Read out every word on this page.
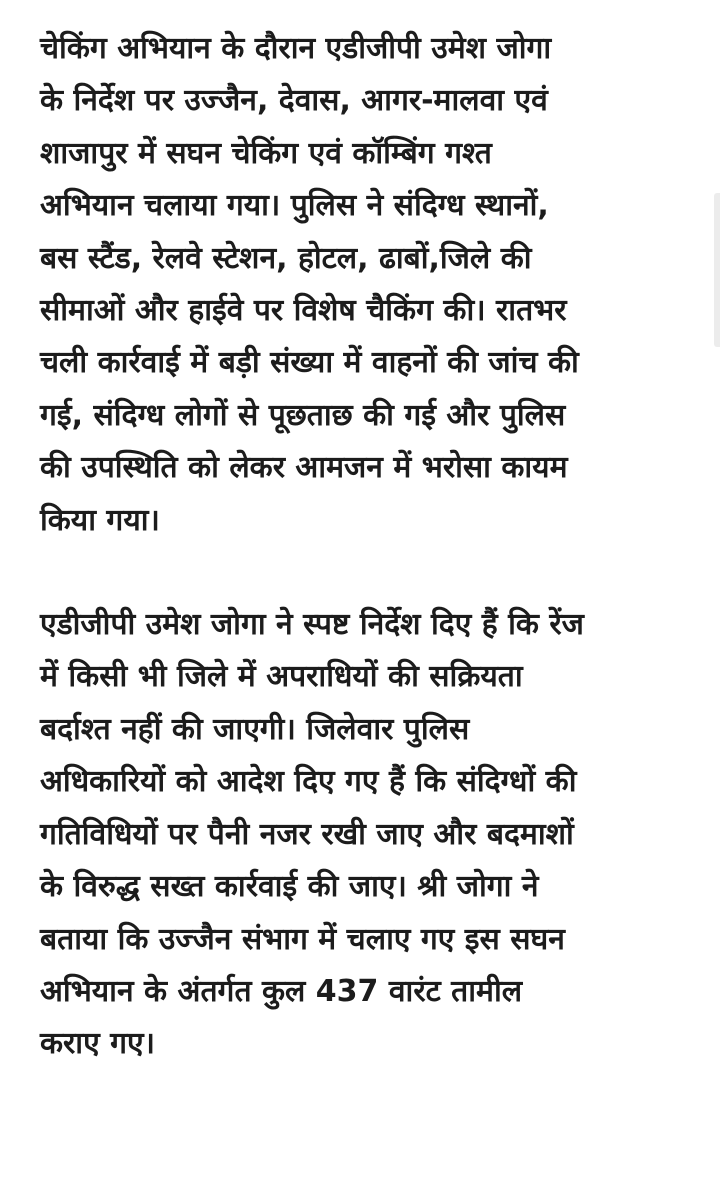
चेकिंग अभियान के दौरान एडीजीपी उमेश जोगा
के निर्देश पर उज्जैन, देवास, आगर-मालवा एवं
शाजापुर में सघन चेकिंग एवं कॉम्बिंग गश्त
अभियान चलाया गया। पुलिस ने संदिग्ध स्थानों,
बस स्टैंड, रेलवे स्टेशन, होटल, ढाबों,जिले की
सीमाओं और हाईवे पर विशेष चैकिंग की। रातभर
चली कार्रवाई में बड़ी संख्या में वाहनों की जांच की
गई, संदिग्ध लोगों से पूछताछ की गई और पुलिस
की उपस्थिति को लेकर आमजन में भरोसा कायम
किया गया।

एडीजीपी उमेश जोगा ने स्पष्ट निर्देश दिए हैं कि रेंज
में किसी भी जिले में अपराधियों की सक्रियता
बर्दाश्त नहीं की जाएगी। जिलेवार पुलिस
अधिकारियों को आदेश दिए गए हैं कि संदिग्धों की
गतिविधियों पर पैनी नजर रखी जाए और बदमाशों
के विरुद्ध सख्त कार्रवाई की जाए। श्री जोगा ने
बताया कि उज्जैन संभाग में चलाए गए इस सघन
अभियान के अंतर्गत कुल 437 वारंट तामील
कराए गए।
